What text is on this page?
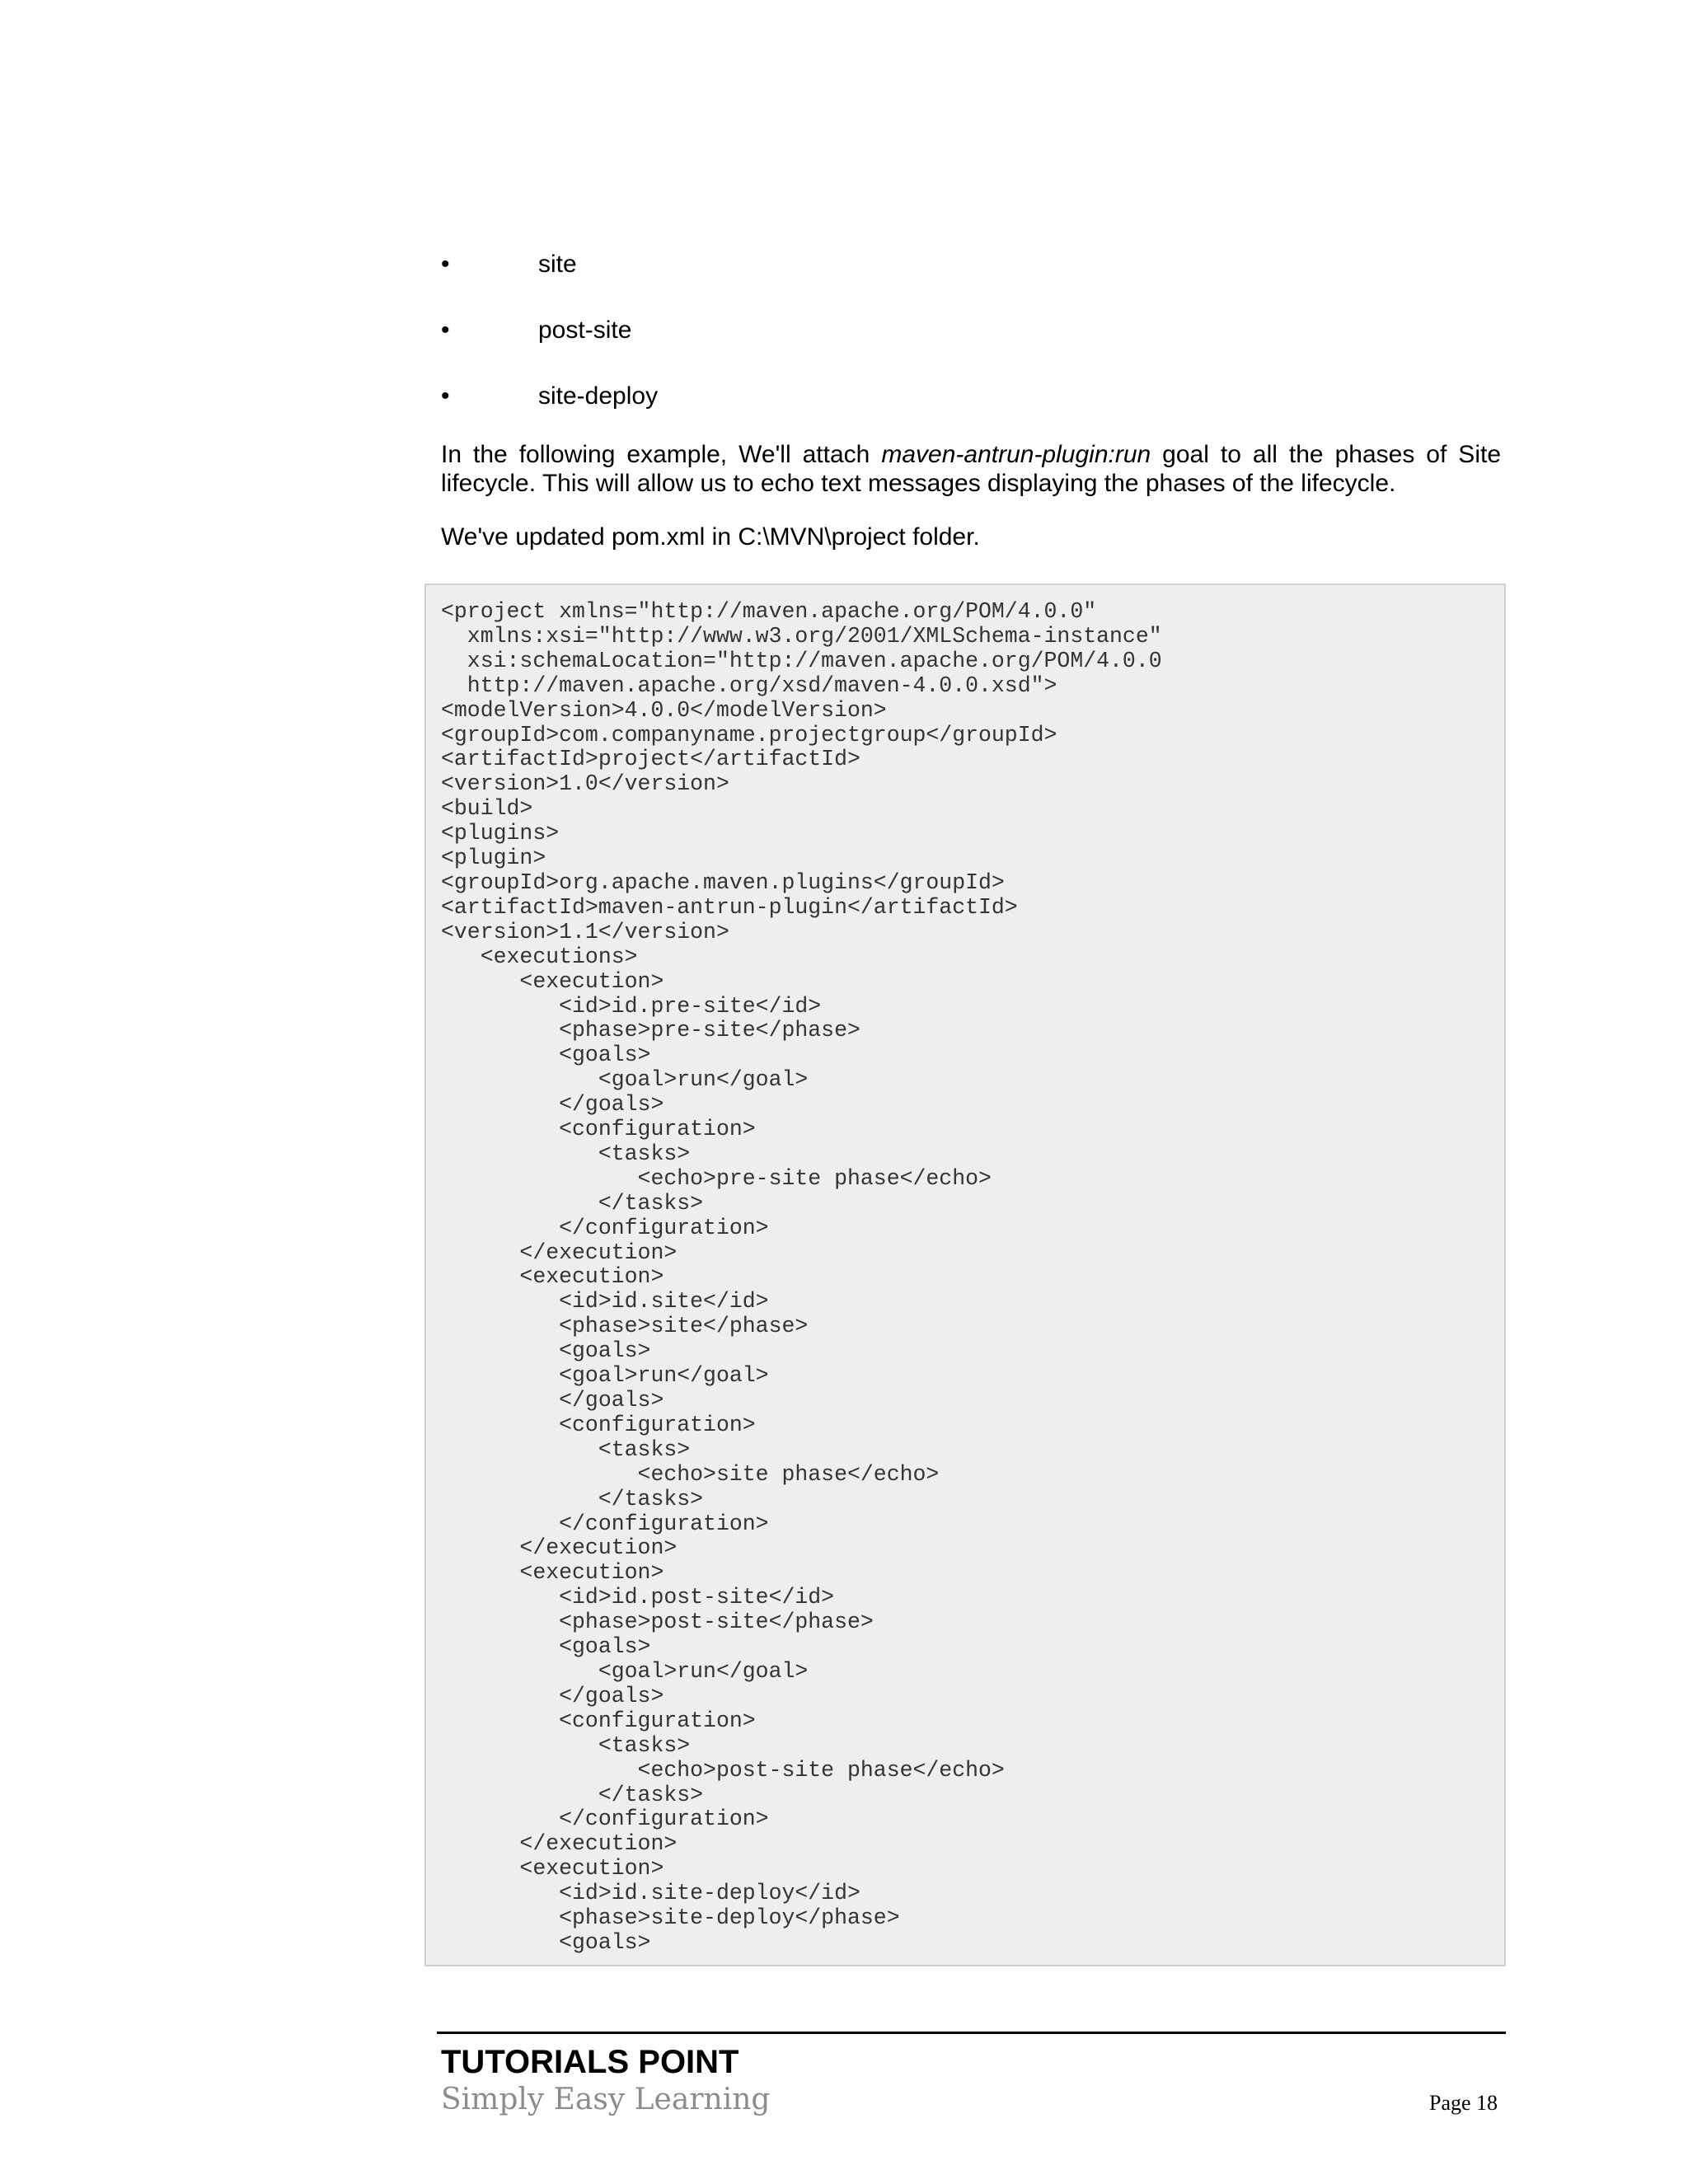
•	site
•	post-site
•	site-deploy

In the following example, We'll attach maven-antrun-plugin:run goal to all the phases of Site lifecycle. This will allow us to echo text messages displaying the phases of the lifecycle.

We've updated pom.xml in C:\MVN\project folder.

<project xmlns="http://maven.apache.org/POM/4.0.0"
xmlns:xsi="http://www.w3.org/2001/XMLSchema-instance"
xsi:schemaLocation="http://maven.apache.org/POM/4.0.0
http://maven.apache.org/xsd/maven-4.0.0.xsd">
<modelVersion>4.0.0</modelVersion>
<groupId>com.companyname.projectgroup</groupId>
<artifactId>project</artifactId>
<version>1.0</version>
<build>
<plugins>
<plugin>
<groupId>org.apache.maven.plugins</groupId>
<artifactId>maven-antrun-plugin</artifactId>
<version>1.1</version>
<executions>
<execution>
<id>id.pre-site</id>
<phase>pre-site</phase>
<goals>
<goal>run</goal>
</goals>
<configuration>
<tasks>
<echo>pre-site phase</echo>
</tasks>
</configuration>
</execution>
<execution>
<id>id.site</id>
<phase>site</phase>
<goals>
<goal>run</goal>
</goals>
<configuration>
<tasks>
<echo>site phase</echo>
</tasks>
</configuration>
</execution>
<execution>
<id>id.post-site</id>
<phase>post-site</phase>
<goals>
<goal>run</goal>
</goals>
<configuration>
<tasks>
<echo>post-site phase</echo>
</tasks>
</configuration>
</execution>
<execution>
<id>id.site-deploy</id>
<phase>site-deploy</phase>
<goals>
TUTORIALS POINT
Simply Easy Learning	Page 18
